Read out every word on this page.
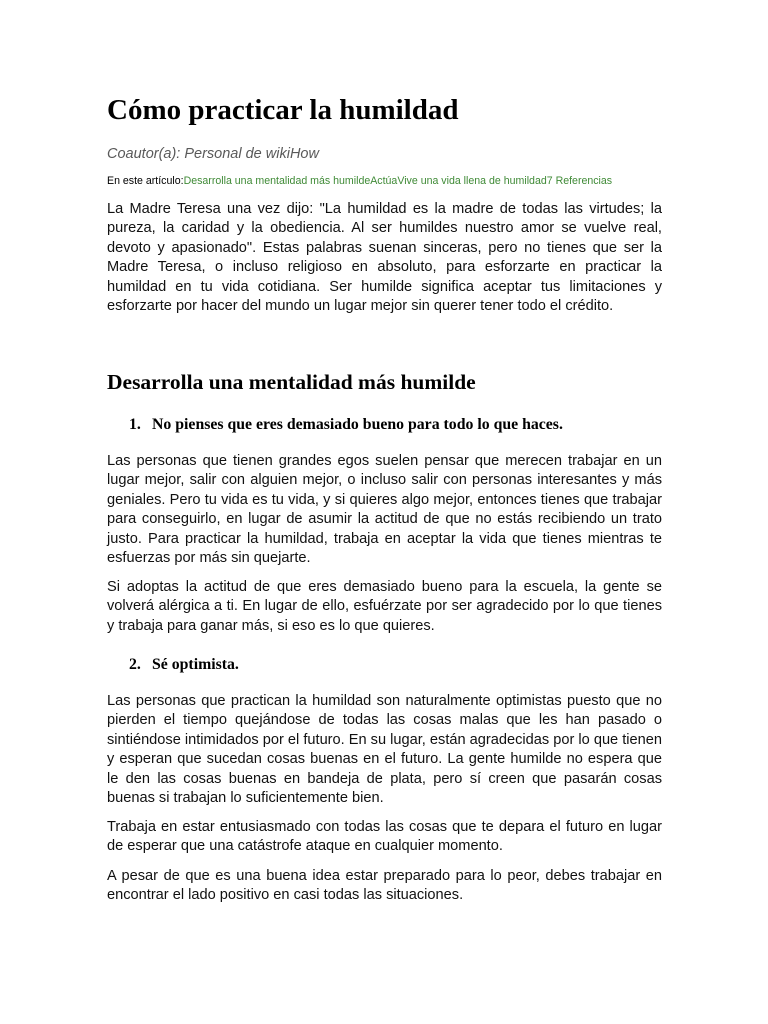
Cómo practicar la humildad
Coautor(a): Personal de wikiHow
En este artículo:Desarrolla una mentalidad más humildeActúaVive una vida llena de humildad7 Referencias

La Madre Teresa una vez dijo: "La humildad es la madre de todas las virtudes; la pureza, la caridad y la obediencia. Al ser humildes nuestro amor se vuelve real, devoto y apasionado". Estas palabras suenan sinceras, pero no tienes que ser la Madre Teresa, o incluso religioso en absoluto, para esforzarte en practicar la humildad en tu vida cotidiana. Ser humilde significa aceptar tus limitaciones y esforzarte por hacer del mundo un lugar mejor sin querer tener todo el crédito.

Desarrolla una mentalidad más humilde
1. No pienses que eres demasiado bueno para todo lo que haces.

Las personas que tienen grandes egos suelen pensar que merecen trabajar en un lugar mejor, salir con alguien mejor, o incluso salir con personas interesantes y más geniales. Pero tu vida es tu vida, y si quieres algo mejor, entonces tienes que trabajar para conseguirlo, en lugar de asumir la actitud de que no estás recibiendo un trato justo. Para practicar la humildad, trabaja en aceptar la vida que tienes mientras te esfuerzas por más sin quejarte.

Si adoptas la actitud de que eres demasiado bueno para la escuela, la gente se volverá alérgica a ti. En lugar de ello, esfuérzate por ser agradecido por lo que tienes y trabaja para ganar más, si eso es lo que quieres.

2. Sé optimista.

Las personas que practican la humildad son naturalmente optimistas puesto que no pierden el tiempo quejándose de todas las cosas malas que les han pasado o sintiéndose intimidados por el futuro. En su lugar, están agradecidas por lo que tienen y esperan que sucedan cosas buenas en el futuro. La gente humilde no espera que le den las cosas buenas en bandeja de plata, pero sí creen que pasarán cosas buenas si trabajan lo suficientemente bien.

Trabaja en estar entusiasmado con todas las cosas que te depara el futuro en lugar de esperar que una catástrofe ataque en cualquier momento.

A pesar de que es una buena idea estar preparado para lo peor, debes trabajar en encontrar el lado positivo en casi todas las situaciones.
